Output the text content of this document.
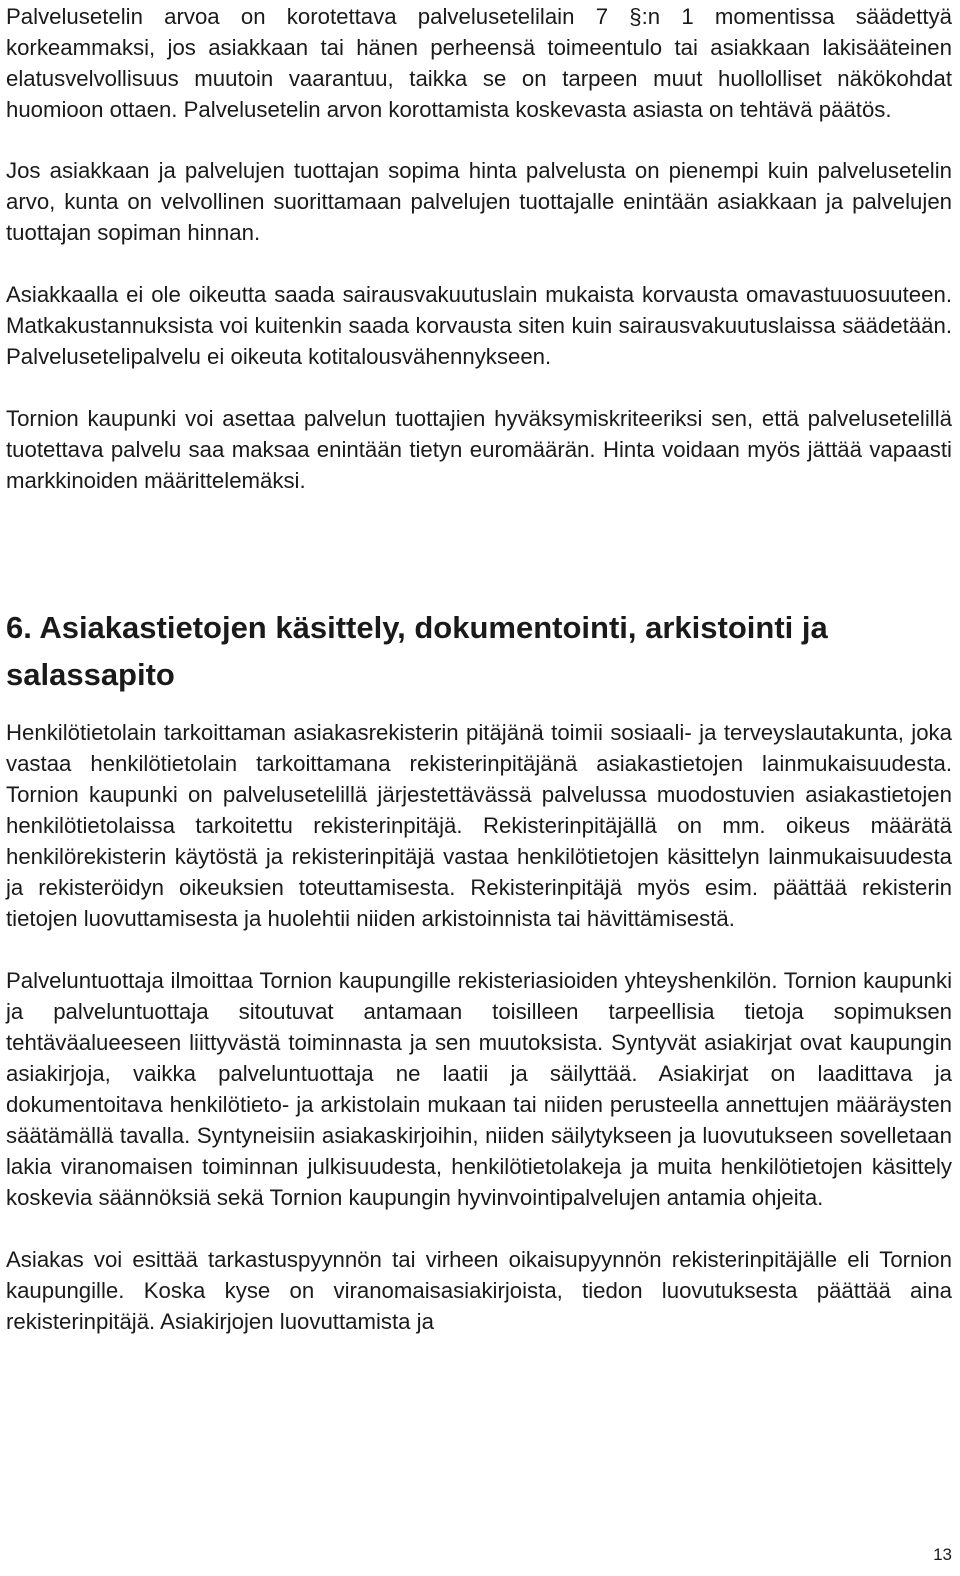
Palvelusetelin arvoa on korotettava palvelusetelilain 7 §:n 1 momentissa säädettyä korkeammaksi, jos asiakkaan tai hänen perheensä toimeentulo tai asiakkaan lakisääteinen elatusvelvollisuus muutoin vaarantuu, taikka se on tarpeen muut huollolliset näkökohdat huomioon ottaen. Palvelusetelin arvon korottamista koskevasta asiasta on tehtävä päätös.

Jos asiakkaan ja palvelujen tuottajan sopima hinta palvelusta on pienempi kuin palvelusetelin arvo, kunta on velvollinen suorittamaan palvelujen tuottajalle enintään asiakkaan ja palvelujen tuottajan sopiman hinnan.

Asiakkaalla ei ole oikeutta saada sairausvakuutuslain mukaista korvausta omavastuuosuuteen. Matkakustannuksista voi kuitenkin saada korvausta siten kuin sairausvakuutuslaissa säädetään. Palvelusetelipalvelu ei oikeuta kotitalousvähennykseen.

Tornion kaupunki voi asettaa palvelun tuottajien hyväksymiskriteeriksi sen, että palvelusetelillä tuotettava palvelu saa maksaa enintään tietyn euromäärän. Hinta voidaan myös jättää vapaasti markkinoiden määrittelemäksi.

6. Asiakastietojen käsittely, dokumentointi, arkistointi ja salassapito

Henkilötietolain tarkoittaman asiakasrekisterin pitäjänä toimii sosiaali- ja terveyslautakunta, joka vastaa henkilötietolain tarkoittamana rekisterinpitäjänä asiakastietojen lainmukaisuudesta. Tornion kaupunki on palvelusetelillä järjestettävässä palvelussa muodostuvien asiakastietojen henkilötietolaissa tarkoitettu rekisterinpitäjä. Rekisterinpitäjällä on mm. oikeus määrätä henkilörekisterin käytöstä ja rekisterinpitäjä vastaa henkilötietojen käsittelyn lainmukaisuudesta ja rekisteröidyn oikeuksien toteuttamisesta. Rekisterinpitäjä myös esim. päättää rekisterin tietojen luovuttamisesta ja huolehtii niiden arkistoinnista tai hävittämisestä.

Palveluntuottaja ilmoittaa Tornion kaupungille rekisteriasioiden yhteyshenkilön. Tornion kaupunki ja palveluntuottaja sitoutuvat antamaan toisilleen tarpeellisia tietoja sopimuksen tehtäväalueeseen liittyvästä toiminnasta ja sen muutoksista. Syntyvät asiakirjat ovat kaupungin asiakirjoja, vaikka palveluntuottaja ne laatii ja säilyttää. Asiakirjat on laadittava ja dokumentoitava henkilötieto- ja arkistolain mukaan tai niiden perusteella annettujen määräysten säätämällä tavalla. Syntyneisiin asiakaskirjoihin, niiden säilytykseen ja luovutukseen sovelletaan lakia viranomaisen toiminnan julkisuudesta, henkilötietolakeja ja muita henkilötietojen käsittely koskevia säännöksiä sekä Tornion kaupungin hyvinvointipalvelujen antamia ohjeita.

Asiakas voi esittää tarkastuspyynnön tai virheen oikaisupyynnön rekisterinpitäjälle eli Tornion kaupungille. Koska kyse on viranomaisasiakirjoista, tiedon luovutuksesta päättää aina rekisterinpitäjä. Asiakirjojen luovuttamista ja

13
